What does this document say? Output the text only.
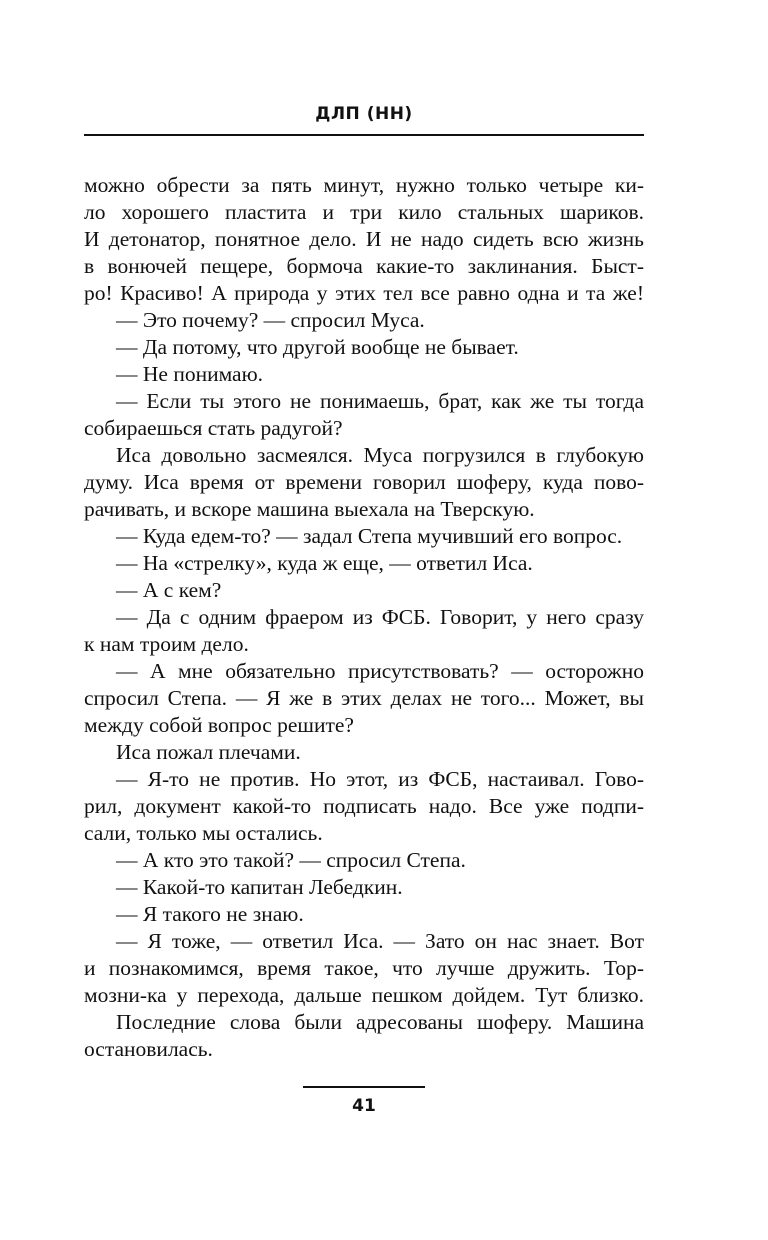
ДЛП (НН)
можно обрести за пять минут, нужно только четыре ки-
ло хорошего пластита и три кило стальных шариков.
И детонатор, понятное дело. И не надо сидеть всю жизнь
в вонючей пещере, бормоча какие-то заклинания. Быст-
ро! Красиво! А природа у этих тел все равно одна и та же!
— Это почему? — спросил Муса.
— Да потому, что другой вообще не бывает.
— Не понимаю.
— Если ты этого не понимаешь, брат, как же ты тогда
собираешься стать радугой?
Иса довольно засмеялся. Муса погрузился в глубокую
думу. Иса время от времени говорил шоферу, куда пово-
рачивать, и вскоре машина выехала на Тверскую.
— Куда едем-то? — задал Степа мучивший его вопрос.
— На «стрелку», куда ж еще, — ответил Иса.
— А с кем?
— Да с одним фраером из ФСБ. Говорит, у него сразу
к нам троим дело.
— А мне обязательно присутствовать? — осторожно
спросил Степа. — Я же в этих делах не того... Может, вы
между собой вопрос решите?
Иса пожал плечами.
— Я-то не против. Но этот, из ФСБ, настаивал. Гово-
рил, документ какой-то подписать надо. Все уже подпи-
сали, только мы остались.
— А кто это такой? — спросил Степа.
— Какой-то капитан Лебедкин.
— Я такого не знаю.
— Я тоже, — ответил Иса. — Зато он нас знает. Вот
и познакомимся, время такое, что лучше дружить. Тор-
мозни-ка у перехода, дальше пешком дойдем. Тут близко.
Последние слова были адресованы шоферу. Машина
остановилась.
41
